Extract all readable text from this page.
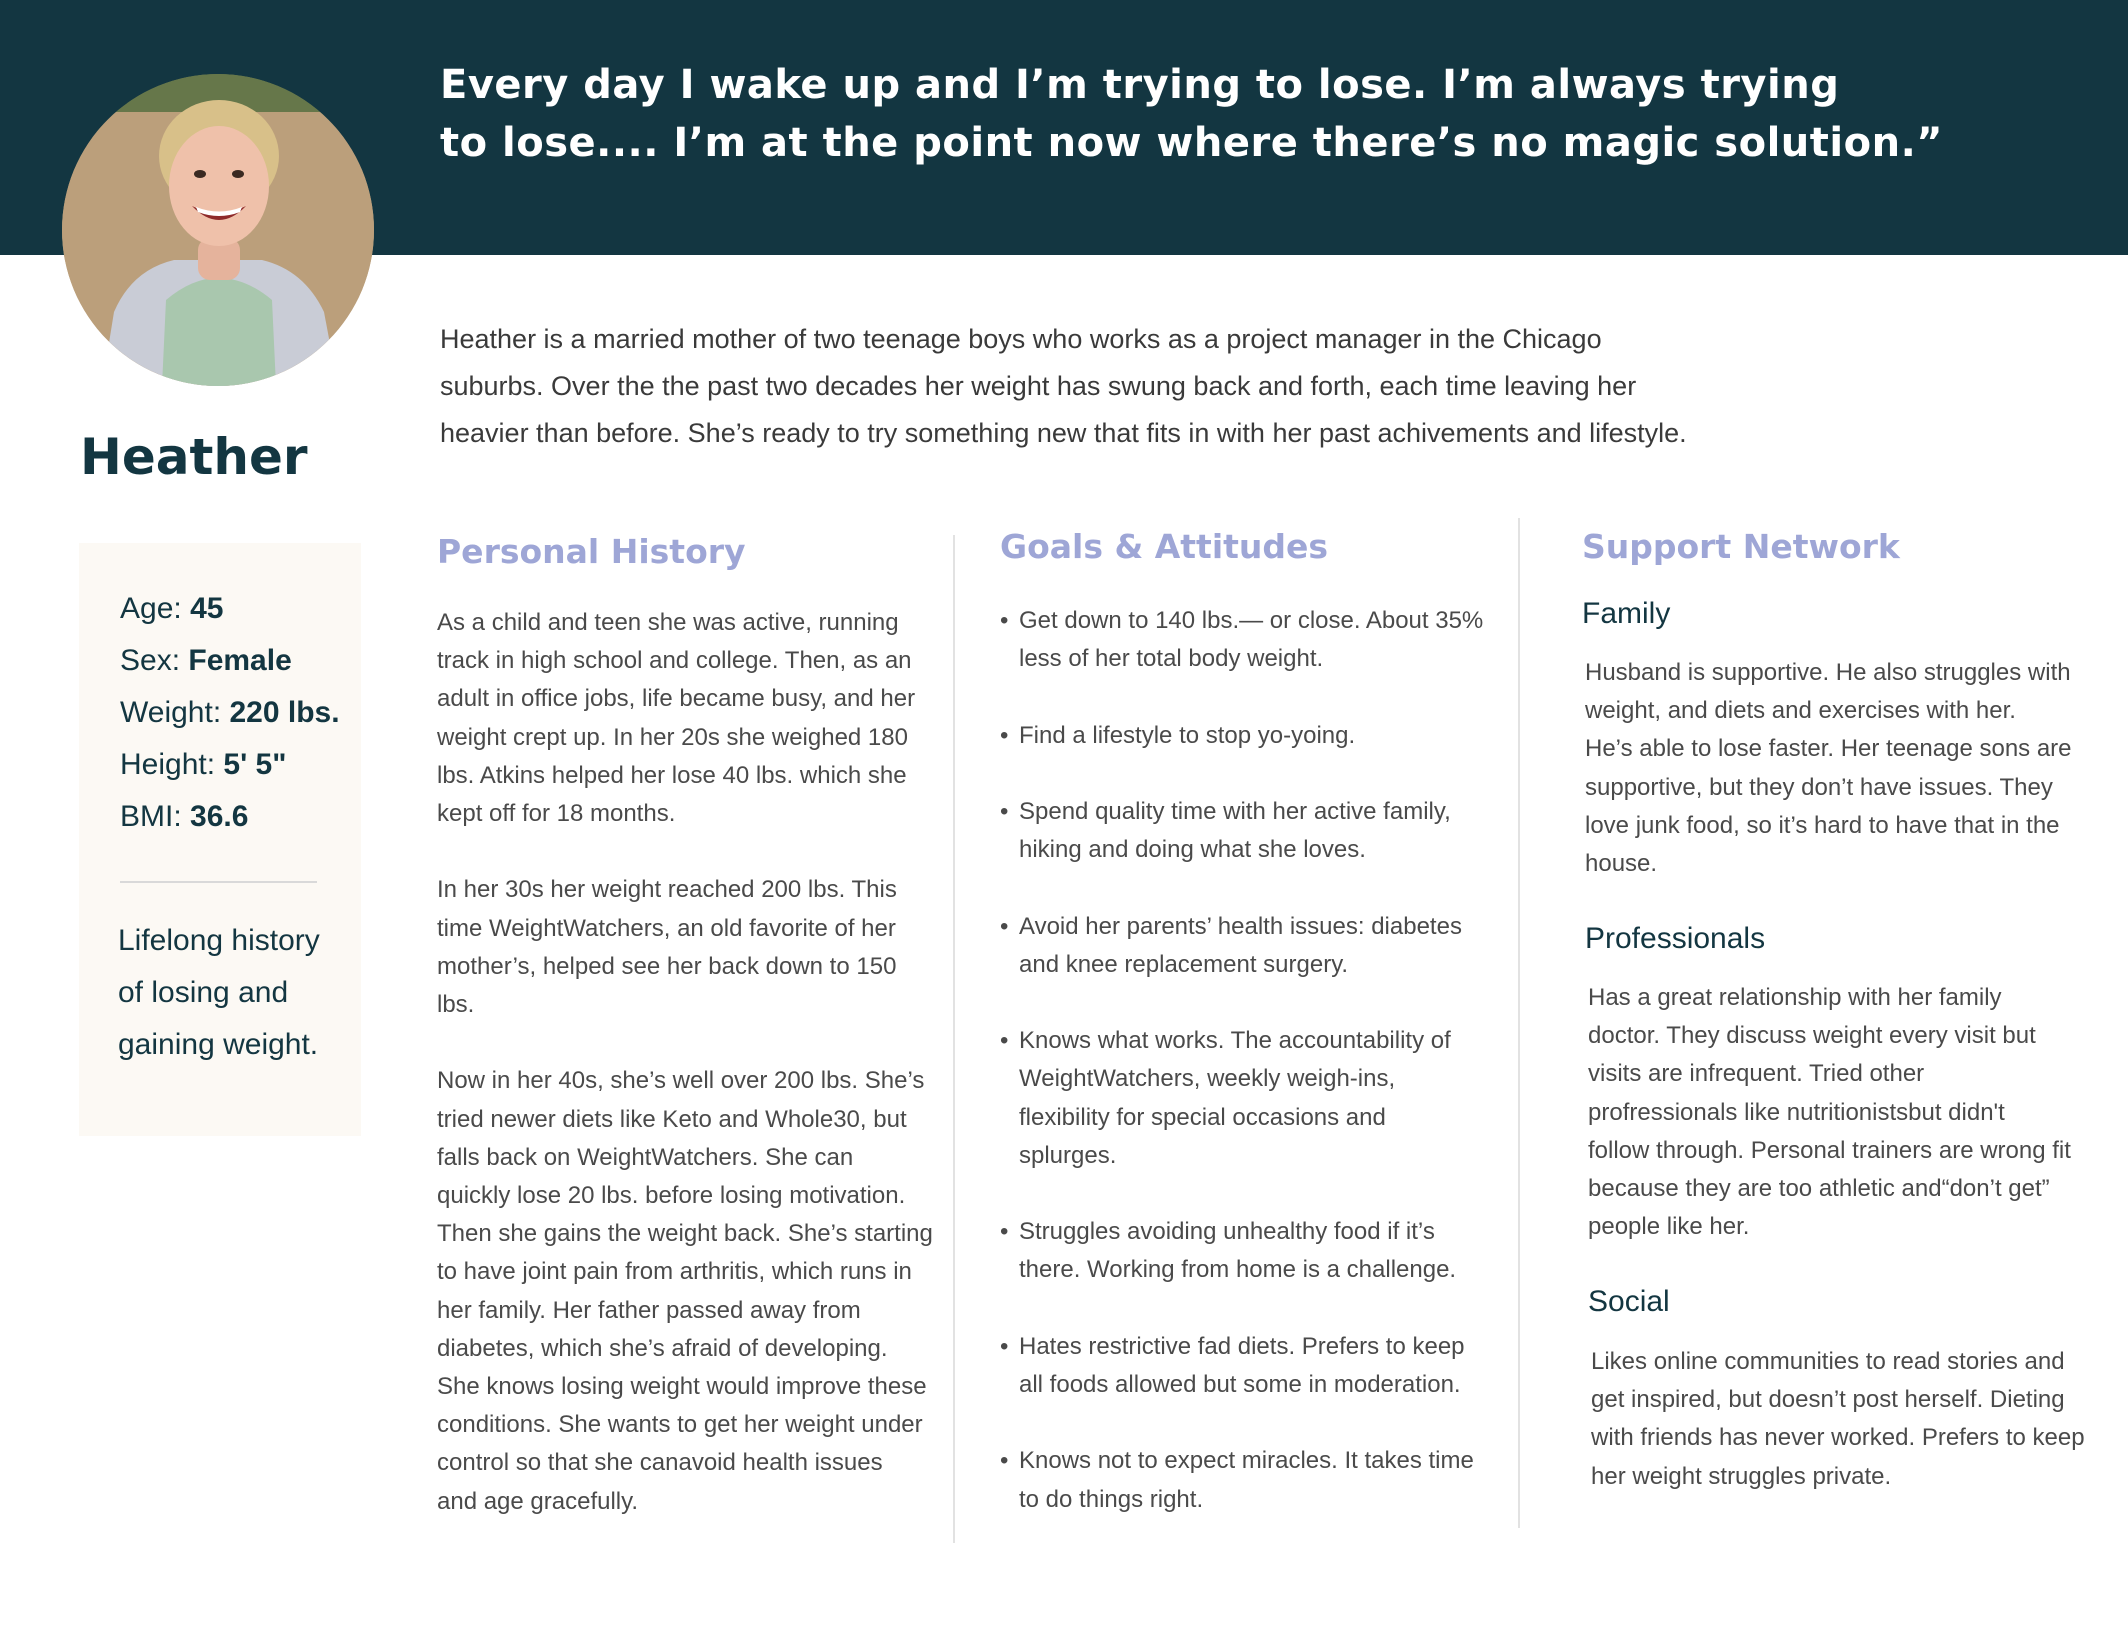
Every day I wake up and I’m trying to lose. I’m always trying
to lose.... I’m at the point now where there’s no magic solution.”
Heather
Heather is a married mother of two teenage boys who works as a project manager in the Chicago
suburbs. Over the the past two decades her weight has swung back and forth, each time leaving her
heavier than before. She’s ready to try something new that fits in with her past achivements and lifestyle.
Age: 45
Sex: Female
Weight: 220 lbs.
Height: 5' 5"
BMI: 36.6
Lifelong history
of losing and
gaining weight.
Personal History
As a child and teen she was active, running
track in high school and college. Then, as an
adult in office jobs, life became busy, and her
weight crept up. In her 20s she weighed 180
lbs. Atkins helped her lose 40 lbs. which she
kept off for 18 months.
In her 30s her weight reached 200 lbs. This
time WeightWatchers, an old favorite of her
mother’s, helped see her back down to 150
lbs.
Now in her 40s, she’s well over 200 lbs. She’s
tried newer diets like Keto and Whole30, but
falls back on WeightWatchers. She can
quickly lose 20 lbs. before losing motivation.
Then she gains the weight back. She’s starting
to have joint pain from arthritis, which runs in
her family. Her father passed away from
diabetes, which she’s afraid of developing.
She knows losing weight would improve these
conditions. She wants to get her weight under
control so that she canavoid health issues
and age gracefully.
Goals & Attitudes
• Get down to 140 lbs.— or close. About 35%
less of her total body weight.
• Find a lifestyle to stop yo-yoing.
• Spend quality time with her active family,
hiking and doing what she loves.
• Avoid her parents’ health issues: diabetes
and knee replacement surgery.
• Knows what works. The accountability of
WeightWatchers, weekly weigh-ins,
flexibility for special occasions and
splurges.
• Struggles avoiding unhealthy food if it’s
there. Working from home is a challenge.
• Hates restrictive fad diets. Prefers to keep
all foods allowed but some in moderation.
• Knows not to expect miracles. It takes time
to do things right.
Support Network
Family
Husband is supportive. He also struggles with
weight, and diets and exercises with her.
He’s able to lose faster. Her teenage sons are
supportive, but they don’t have issues. They
love junk food, so it’s hard to have that in the
house.
Professionals
Has a great relationship with her family
doctor. They discuss weight every visit but
visits are infrequent. Tried other
profressionals like nutritionistsbut didn't
follow through. Personal trainers are wrong fit
because they are too athletic and“don’t get”
people like her.
Social
Likes online communities to read stories and
get inspired, but doesn’t post herself. Dieting
with friends has never worked. Prefers to keep
her weight struggles private.
